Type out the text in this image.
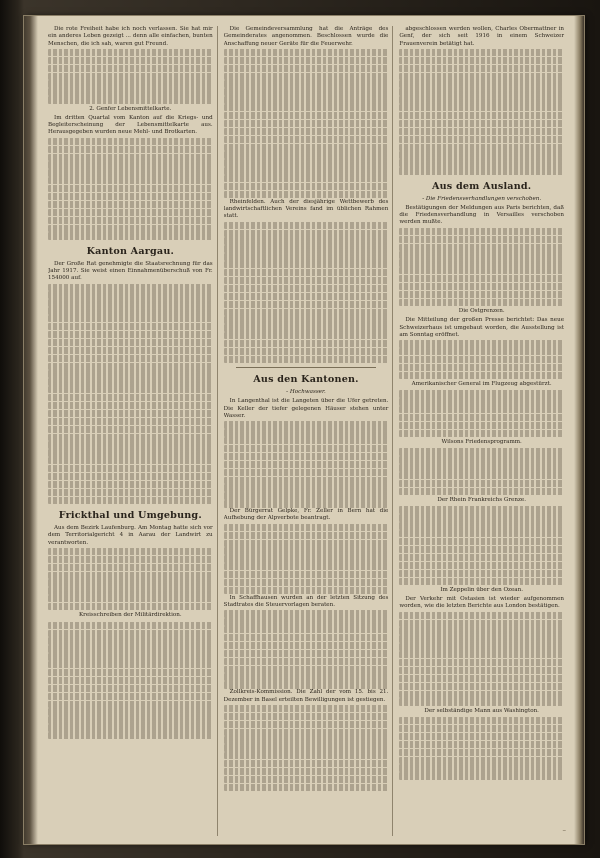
Die rote Freiheit habe ich noch verlassen. Sie hat mir ein anderes Leben gezeigt ... denn alle einfachen, bunten Menschen, die ich sah, waren gut Freund.

2. Genfer Lebensmittelkarte.

Im dritten Quartal vom Kanton auf die Kriegs- und Begleiterscheinung der Lebensmittelkarte aus. Herausgegeben wurden neue Mehl- und Brotkarten.

Kanton Aargau.

Der Große Rat genehmigte die Staatsrechnung für das Jahr 1917. Sie weist einen Einnahmenüberschuß von Fr. 154000 auf.

Frickthal und Umgebung.

Aus dem Bezirk Laufenburg. Am Montag hatte sich vor dem Territorialgericht 4 in Aarau der Landwirt zu verantworten.

Kreisschreiben der Militärdirektion.

Die Gemeindeversammlung hat die Anträge des Gemeinderates angenommen. Beschlossen wurde die Anschaffung neuer Geräte für die Feuerwehr.

Rheinfelden. Auch der diesjährige Wettbewerb des landwirtschaftlichen Vereins fand im üblichen Rahmen statt.

Aus den Kantonen.

- Hochwasser.

In Langenthal ist die Langeten über die Ufer getreten. Die Keller der tiefer gelegenen Häuser stehen unter Wasser.

Der Bürgerrat Gelpke, Fr. Zeller in Bern hat die Aufhebung der Alpverbote beantragt.

In Schaffhausen wurden an der letzten Sitzung des Stadtrates die Steuervorlagen beraten.

Zollkreis-Kommission. Die Zahl der vom 15. bis 21. Dezember in Basel erteilten Bewilligungen ist gestiegen.

abgeschlossen werden wollen, Charles Obermattner in Genf, der sich seit 1916 in einem Schweizer Frauenverein betätigt hat.

Aus dem Ausland.

- Die Friedensverhandlungen verschoben.

Bestätigungen der Meldungen aus Paris berichten, daß die Friedensverhandlung in Versailles verschoben werden mußte.

Die Ostgrenzen.

Die Mitteilung der großen Presse berichtet: Das neue Schweizerhaus ist umgebaut worden, die Ausstellung ist am Sonntag eröffnet.

Amerikanischer General im Flugzeug abgestürzt.

Wilsons Friedensprogramm.

Der Rhein Frankreichs Grenze.

Im Zeppelin über den Ozean.

Der Verkehr mit Ostasien ist wieder aufgenommen worden, wie die letzten Berichte aus London bestätigen.

Der selbständige Mann aus Washington.

–
